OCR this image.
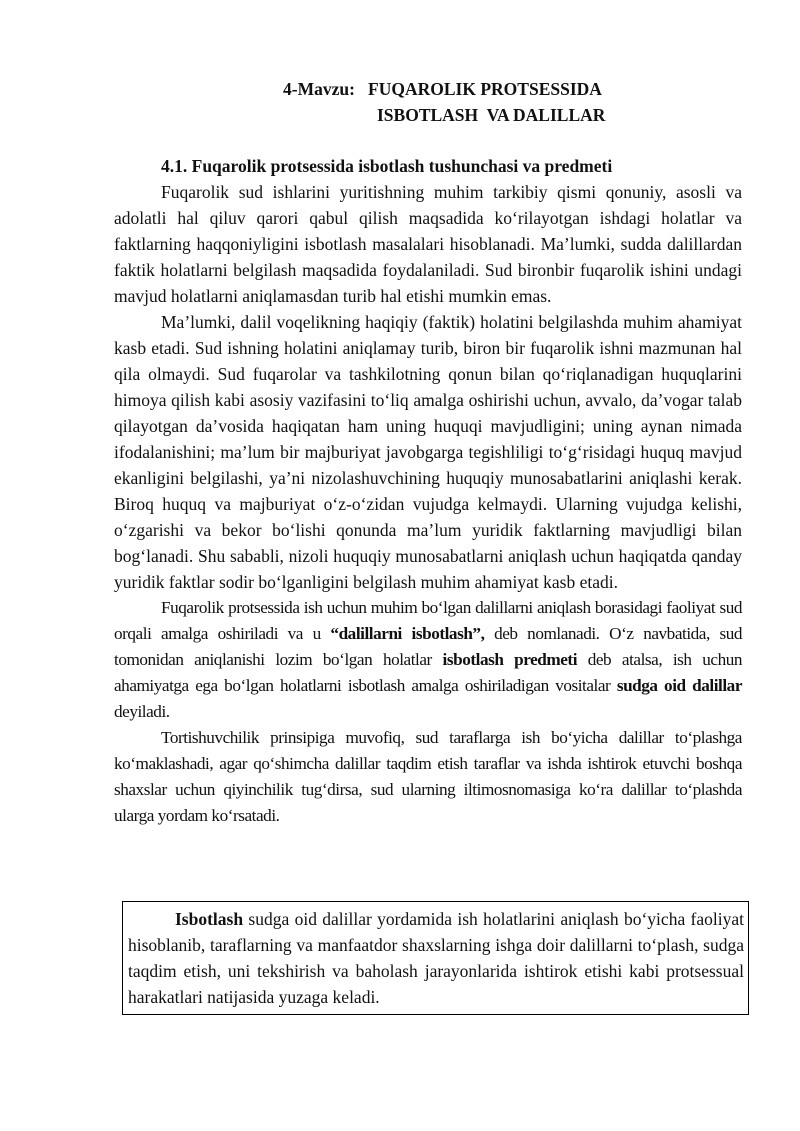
4-Mavzu:   FUQAROLIK PROTSESSIDA
ISBOTLASH  VA DALILLAR

4.1. Fuqarolik protsessida isbotlash tushunchasi va predmeti

Fuqarolik sud ishlarini yuritishning muhim tarkibiy qismi qonuniy, asosli va adolatli hal qiluv qarori qabul qilish maqsadida koʻrilayotgan ishdagi holatlar va faktlarning haqqoniyligini isbotlash masalalari hisoblanadi. Maʼlumki, sudda dalillardan faktik holatlarni belgilash maqsadida foydalaniladi. Sud bironbir fuqarolik ishini undagi mavjud holatlarni aniqlamasdan turib hal etishi mumkin emas.

Maʼlumki, dalil voqelikning haqiqiy (faktik) holatini belgilashda muhim ahamiyat kasb etadi. Sud ishning holatini aniqlamay turib, biron bir fuqarolik ishni mazmunan hal qila olmaydi. Sud fuqarolar va tashkilotning qonun bilan qoʻriqlanadigan huquqlarini himoya qilish kabi asosiy vazifasini toʻliq amalga oshirishi uchun, avvalo, daʼvogar talab qilayotgan daʼvosida haqiqatan ham uning huquqi mavjudligini; uning aynan nimada ifodalanishini; maʼlum bir majburiyat javobgarga tegishliligi toʻgʻrisidagi huquq mavjud ekanligini belgilashi, yaʼni nizolashuvchining huquqiy munosabatlarini aniqlashi kerak. Biroq huquq va majburiyat oʻz-oʻzidan vujudga kelmaydi. Ularning vujudga kelishi, oʻzgarishi va bekor boʻlishi qonunda maʼlum yuridik faktlarning mavjudligi bilan bogʻlanadi. Shu sababli, nizoli huquqiy munosabatlarni aniqlash uchun haqiqatda qanday yuridik faktlar sodir boʻlganligini belgilash muhim ahamiyat kasb etadi.

Fuqarolik protsessida ish uchun muhim boʻlgan dalillarni aniqlash borasidagi faoliyat sud orqali amalga oshiriladi va u “dalillarni isbotlash”, deb nomlanadi. Oʻz navbatida, sud tomonidan aniqlanishi lozim boʻlgan holatlar isbotlash predmeti deb atalsa, ish uchun ahamiyatga ega boʻlgan holatlarni isbotlash amalga oshiriladigan vositalar sudga oid dalillar deyiladi.

Tortishuvchilik prinsipiga muvofiq, sud taraflarga ish boʻyicha dalillar toʻplashga koʻmaklashadi, agar qoʻshimcha dalillar taqdim etish taraflar va ishda ishtirok etuvchi boshqa shaxslar uchun qiyinchilik tugʻdirsa, sud ularning iltimosnomasiga koʻra dalillar toʻplashda ularga yordam koʻrsatadi.

Isbotlash sudga oid dalillar yordamida ish holatlarini aniqlash boʻyicha faoliyat hisoblanib, taraflarning va manfaatdor shaxslarning ishga doir dalillarni toʻplash, sudga taqdim etish, uni tekshirish va baholash jarayonlarida ishtirok etishi kabi protsessual harakatlari natijasida yuzaga keladi.
